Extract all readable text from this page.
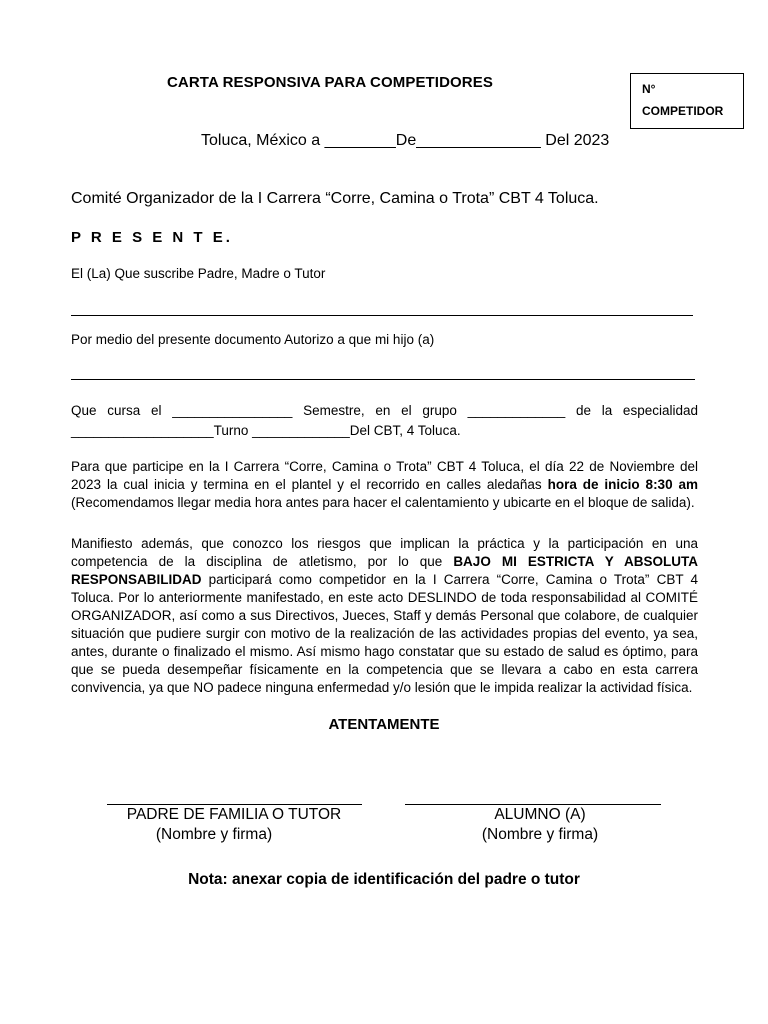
CARTA RESPONSIVA PARA COMPETIDORES	N°
COMPETIDOR
Toluca, México a ________De______________ Del 2023
Comité Organizador de la I Carrera “Corre, Camina o Trota” CBT 4 Toluca.
P R E S E N T E.
El (La) Que suscribe Padre, Madre o Tutor
Por medio del presente documento Autorizo a que mi hijo (a)
Que cursa el ________________ Semestre, en el grupo _____________ de la especialidad
___________________Turno _____________Del CBT, 4 Toluca.
Para que participe en la I Carrera “Corre, Camina o Trota” CBT 4 Toluca, el día 22 de Noviembre del 2023 la cual inicia y termina en el plantel y el recorrido en calles aledañas hora de inicio 8:30 am (Recomendamos llegar media hora antes para hacer el calentamiento y ubicarte en el bloque de salida).
Manifiesto además, que conozco los riesgos que implican la práctica y la participación en una competencia de la disciplina de atletismo, por lo que BAJO MI ESTRICTA Y ABSOLUTA RESPONSABILIDAD participará como competidor en la I Carrera “Corre, Camina o Trota” CBT 4 Toluca. Por lo anteriormente manifestado, en este acto DESLINDO de toda responsabilidad al COMITÉ ORGANIZADOR, así como a sus Directivos, Jueces, Staff y demás Personal que colabore, de cualquier situación que pudiere surgir con motivo de la realización de las actividades propias del evento, ya sea, antes, durante o finalizado el mismo. Así mismo hago constatar que su estado de salud es óptimo, para que se pueda desempeñar físicamente en la competencia que se llevara a cabo en esta carrera convivencia, ya que NO padece ninguna enfermedad y/o lesión que le impida realizar la actividad física.
ATENTAMENTE
PADRE DE FAMILIA O TUTOR
(Nombre y firma)
ALUMNO (A)
(Nombre y firma)
Nota: anexar copia de identificación del padre o tutor
